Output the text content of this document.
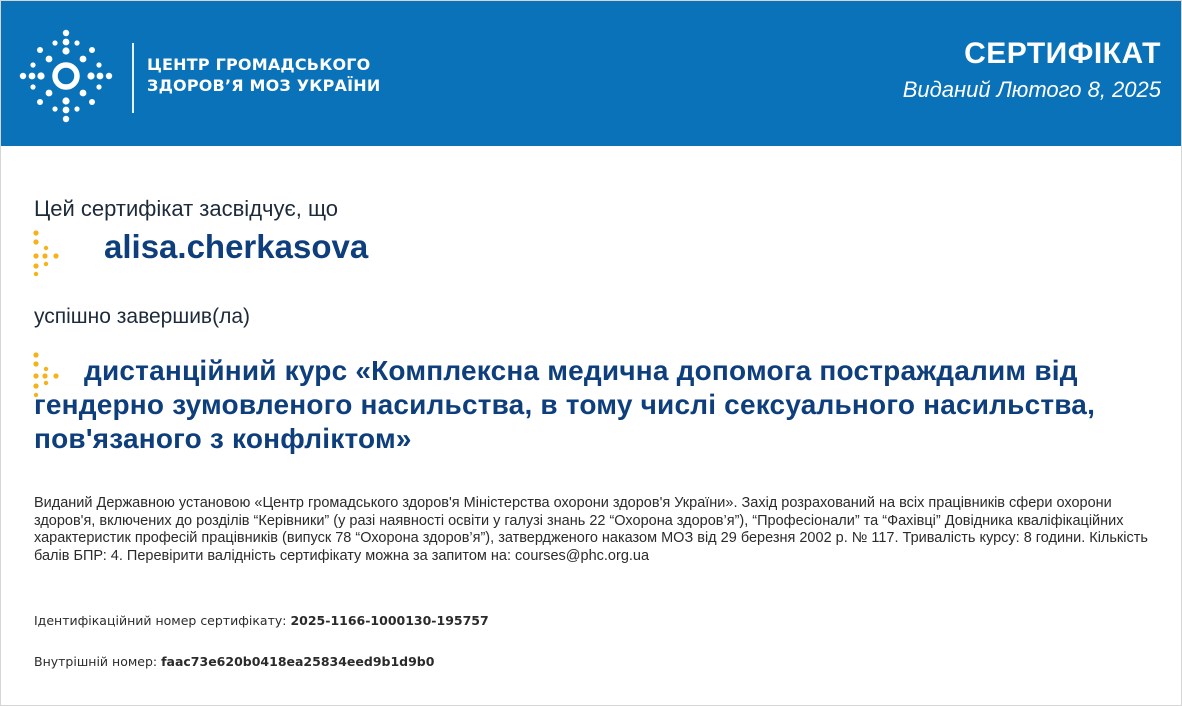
ЦЕНТР ГРОМАДСЬКОГО
ЗДОРОВ’Я МОЗ УКРАЇНИ
СЕРТИФІКАТ
Виданий Лютого 8, 2025
Цей сертифікат засвідчує, що
alisa.cherkasova
успішно завершив(ла)
дистанційний курс «Комплексна медична допомога постраждалим від гендерно зумовленого насильства, в тому числі сексуального насильства, пов'язаного з конфліктом»
Виданий Державною установою «Центр громадського здоров'я Міністерства охорони здоров'я України». Захід розрахований на всіх працівників сфери охорони здоров'я, включених до розділів “Керівники” (у разі наявності освіти у галузі знань 22 “Охорона здоров’я”), “Професіонали” та “Фахівці” Довідника кваліфікаційних характеристик професій працівників (випуск 78 “Охорона здоров’я”), затвердженого наказом МОЗ від 29 березня 2002 р. № 117. Тривалість курсу: 8 години. Кількість балів БПР: 4. Перевірити валідність сертифікату можна за запитом на: courses@phc.org.ua
Ідентифікаційний номер сертифікату: 2025-1166-1000130-195757
Внутрішній номер: faac73e620b0418ea25834eed9b1d9b0
